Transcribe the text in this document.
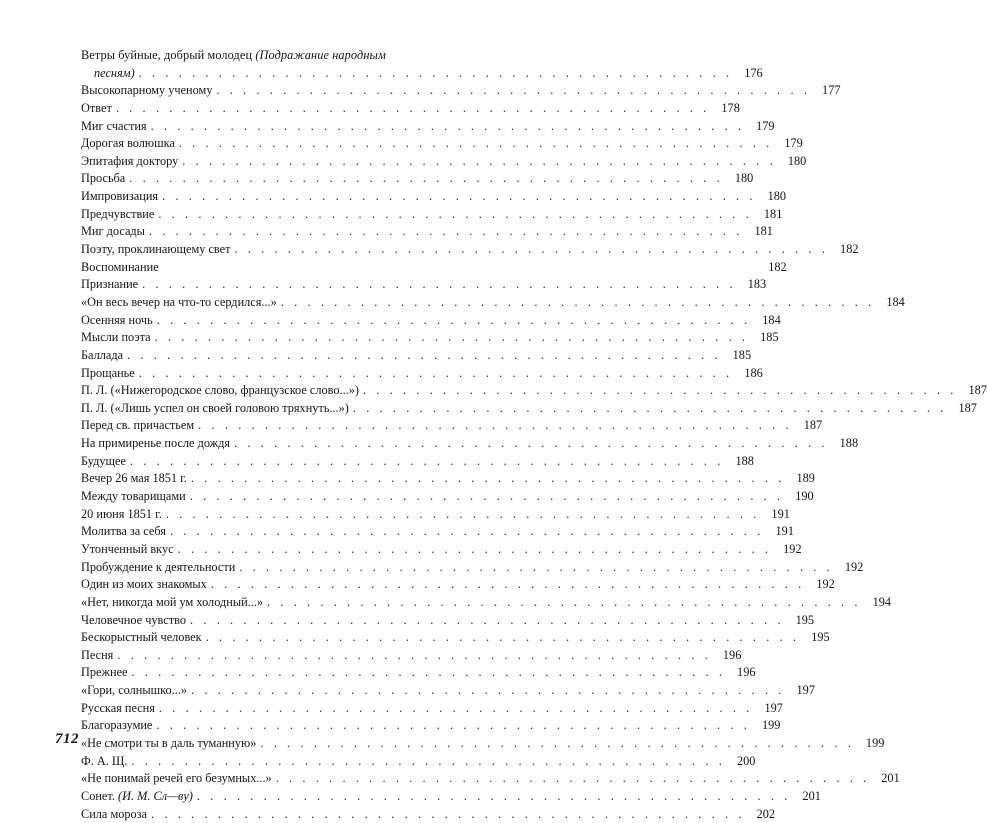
Ветры буйные, добрый молодец (Подражание народным
песням) . . . . . . . . . . . . . . . . . . . . . . . . . . . . . . . . . . . . . . . . . . . . . 176
Высокопарному ученому . . . . . . . . . . . . . . . . . . . . . . . . . . . . . . . . . . . . . . . . . . . . . 177
Ответ . . . . . . . . . . . . . . . . . . . . . . . . . . . . . . . . . . . . . . . . . . . . . 178
Миг счастия . . . . . . . . . . . . . . . . . . . . . . . . . . . . . . . . . . . . . . . . . . . . . 179
Дорогая волюшка . . . . . . . . . . . . . . . . . . . . . . . . . . . . . . . . . . . . . . . . . . . . . 179
Эпитафия доктору . . . . . . . . . . . . . . . . . . . . . . . . . . . . . . . . . . . . . . . . . . . . . 180
Просьба . . . . . . . . . . . . . . . . . . . . . . . . . . . . . . . . . . . . . . . . . . . . . 180
Импровизация . . . . . . . . . . . . . . . . . . . . . . . . . . . . . . . . . . . . . . . . . . . . . 180
Предчувствие . . . . . . . . . . . . . . . . . . . . . . . . . . . . . . . . . . . . . . . . . . . . . 181
Миг досады . . . . . . . . . . . . . . . . . . . . . . . . . . . . . . . . . . . . . . . . . . . . . 181
Поэту, проклинающему свет . . . . . . . . . . . . . . . . . . . . . . . . . . . . . . . . . . . . . . . . . . . . . 182
Воспоминание	182
Признание . . . . . . . . . . . . . . . . . . . . . . . . . . . . . . . . . . . . . . . . . . . . . 183
«Он весь вечер на что-то сердился...» . . . . . . . . . . . . . . . . . . . . . . . . . . . . . . . . . . . . . . . . . . . . . 184
Осенняя ночь . . . . . . . . . . . . . . . . . . . . . . . . . . . . . . . . . . . . . . . . . . . . . 184
Мысли поэта . . . . . . . . . . . . . . . . . . . . . . . . . . . . . . . . . . . . . . . . . . . . . 185
Баллада . . . . . . . . . . . . . . . . . . . . . . . . . . . . . . . . . . . . . . . . . . . . . 185
Прощанье . . . . . . . . . . . . . . . . . . . . . . . . . . . . . . . . . . . . . . . . . . . . . 186
П. Л. («Нижегородское слово, французское слово...») . . . . . . . . . . . . . . . . . . . . . . . . . . . . . . . . . . . . . . . . . . . . . 187
П. Л. («Лишь успел он своей головою тряхнуть...») . . . . . . . . . . . . . . . . . . . . . . . . . . . . . . . . . . . . . . . . . . . . . 187
Перед св. причастьем . . . . . . . . . . . . . . . . . . . . . . . . . . . . . . . . . . . . . . . . . . . . . 187
На примиренье после дождя . . . . . . . . . . . . . . . . . . . . . . . . . . . . . . . . . . . . . . . . . . . . . 188
Будущее . . . . . . . . . . . . . . . . . . . . . . . . . . . . . . . . . . . . . . . . . . . . . 188
Вечер 26 мая 1851 г. . . . . . . . . . . . . . . . . . . . . . . . . . . . . . . . . . . . . . . . . . . . . . 189
Между товарищами . . . . . . . . . . . . . . . . . . . . . . . . . . . . . . . . . . . . . . . . . . . . . 190
20 июня 1851 г. . . . . . . . . . . . . . . . . . . . . . . . . . . . . . . . . . . . . . . . . . . . . . 191
Молитва за себя . . . . . . . . . . . . . . . . . . . . . . . . . . . . . . . . . . . . . . . . . . . . . 191
Утонченный вкус . . . . . . . . . . . . . . . . . . . . . . . . . . . . . . . . . . . . . . . . . . . . . 192
Пробуждение к деятельности . . . . . . . . . . . . . . . . . . . . . . . . . . . . . . . . . . . . . . . . . . . . . 192
Один из моих знакомых . . . . . . . . . . . . . . . . . . . . . . . . . . . . . . . . . . . . . . . . . . . . . 192
«Нет, никогда мой ум холодный...» . . . . . . . . . . . . . . . . . . . . . . . . . . . . . . . . . . . . . . . . . . . . . 194
Человечное чувство . . . . . . . . . . . . . . . . . . . . . . . . . . . . . . . . . . . . . . . . . . . . . 195
Бескорыстный человек . . . . . . . . . . . . . . . . . . . . . . . . . . . . . . . . . . . . . . . . . . . . . 195
Песня . . . . . . . . . . . . . . . . . . . . . . . . . . . . . . . . . . . . . . . . . . . . . 196
Прежнее . . . . . . . . . . . . . . . . . . . . . . . . . . . . . . . . . . . . . . . . . . . . . 196
«Гори, солнышко...» . . . . . . . . . . . . . . . . . . . . . . . . . . . . . . . . . . . . . . . . . . . . . 197
Русская песня . . . . . . . . . . . . . . . . . . . . . . . . . . . . . . . . . . . . . . . . . . . . . 197
Благоразумие . . . . . . . . . . . . . . . . . . . . . . . . . . . . . . . . . . . . . . . . . . . . . 199
«Не смотри ты в даль туманную» . . . . . . . . . . . . . . . . . . . . . . . . . . . . . . . . . . . . . . . . . . . . . 199
Ф. А. Щ. . . . . . . . . . . . . . . . . . . . . . . . . . . . . . . . . . . . . . . . . . . . . . 200
«Не понимай речей его безумных...» . . . . . . . . . . . . . . . . . . . . . . . . . . . . . . . . . . . . . . . . . . . . . 201
Сонет. (И. М. Сл—ву) . . . . . . . . . . . . . . . . . . . . . . . . . . . . . . . . . . . . . . . . . . . . . 201
Сила мороза . . . . . . . . . . . . . . . . . . . . . . . . . . . . . . . . . . . . . . . . . . . . . 202
712
